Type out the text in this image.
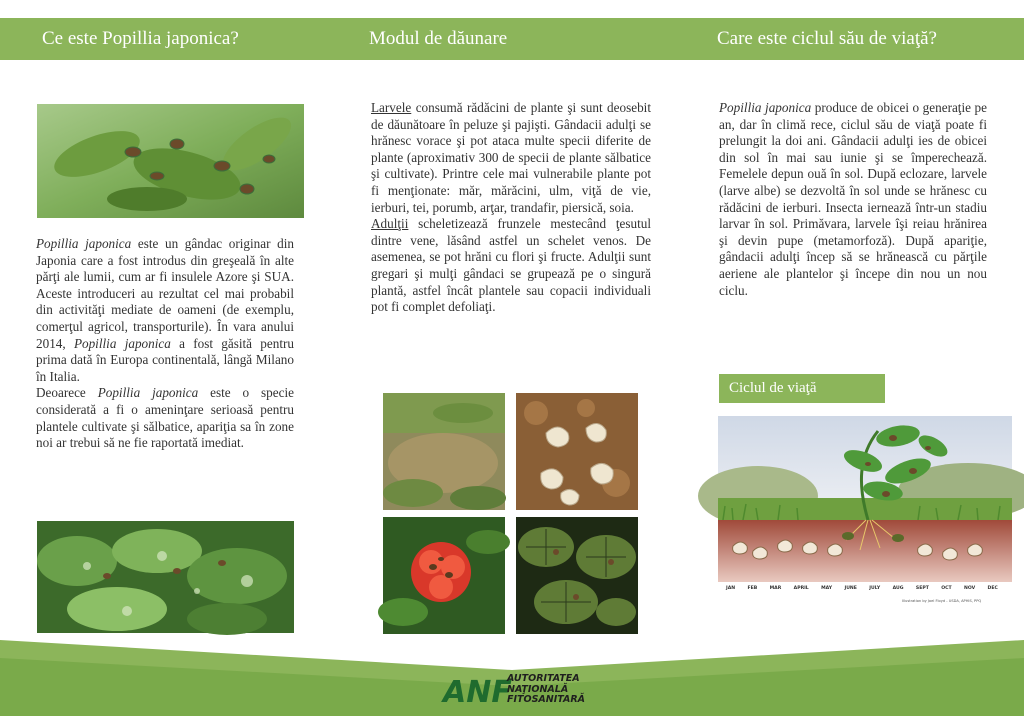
Ce este Popillia japonica?	Modul de dăunare	Care este ciclul său de viaţă?

Popillia japonica este un gândac originar din Japonia care a fost introdus din greşeală în alte părţi ale lumii, cum ar fi insulele Azore şi SUA. Aceste introduceri au rezultat cel mai probabil din activităţi mediate de oameni (de exemplu, comerţul agricol, transporturile). În vara anului 2014, Popillia japonica a fost găsită pentru prima dată în Europa continentală, lângă Milano în Italia.

Deoarece Popillia japonica este o specie considerată a fi o ameninţare serioasă pentru plantele cultivate şi sălbatice, apariţia sa în zone noi ar trebui să ne fie raportată imediat.

Larvele consumă rădăcini de plante şi sunt deosebit de dăunătoare în peluze şi pajişti. Gândacii adulţi se hrănesc vorace şi pot ataca multe specii diferite de plante (aproximativ 300 de specii de plante sălbatice şi cultivate). Printre cele mai vulnerabile plante pot fi menţionate: măr, mărăcini, ulm, viţă de vie, ierburi, tei, porumb, arţar, trandafir, piersică, soia.

Adulţii scheletizează frunzele mestecând ţesutul dintre vene, lăsând astfel un schelet venos. De asemenea, se pot hrăni cu flori şi fructe. Adulţii sunt gregari şi mulţi gândaci se grupează pe o singură plantă, astfel încât plantele sau copacii individuali pot fi complet defoliaţi.

Popillia japonica produce de obicei o generaţie pe an, dar în climă rece, ciclul său de viaţă poate fi prelungit la doi ani. Gândacii adulţi ies de obicei din sol în mai sau iunie şi se împerechează. Femelele depun ouă în sol. După eclozare, larvele (larve albe) se dezvoltă în sol unde se hrănesc cu rădăcini de ierburi. Insecta iernează într-un stadiu larvar în sol. Primăvara, larvele îşi reiau hrănirea şi devin pupe (metamorfoză). După apariţie, gândacii adulţi încep să se hrănească cu părţile aeriene ale plantelor şi începe din nou un nou ciclu.

Ciclul de viaţă
JAN	FEB	MAR	APRIL	MAY	JUNE	JULY	AUG	SEPT	OCT	NOV	DEC
Illustration by Joel Floyd - USDA, APHIS, PPQ
ANF
AUTORITATEA
NAŢIONALĂ
FITOSANITARĂ
